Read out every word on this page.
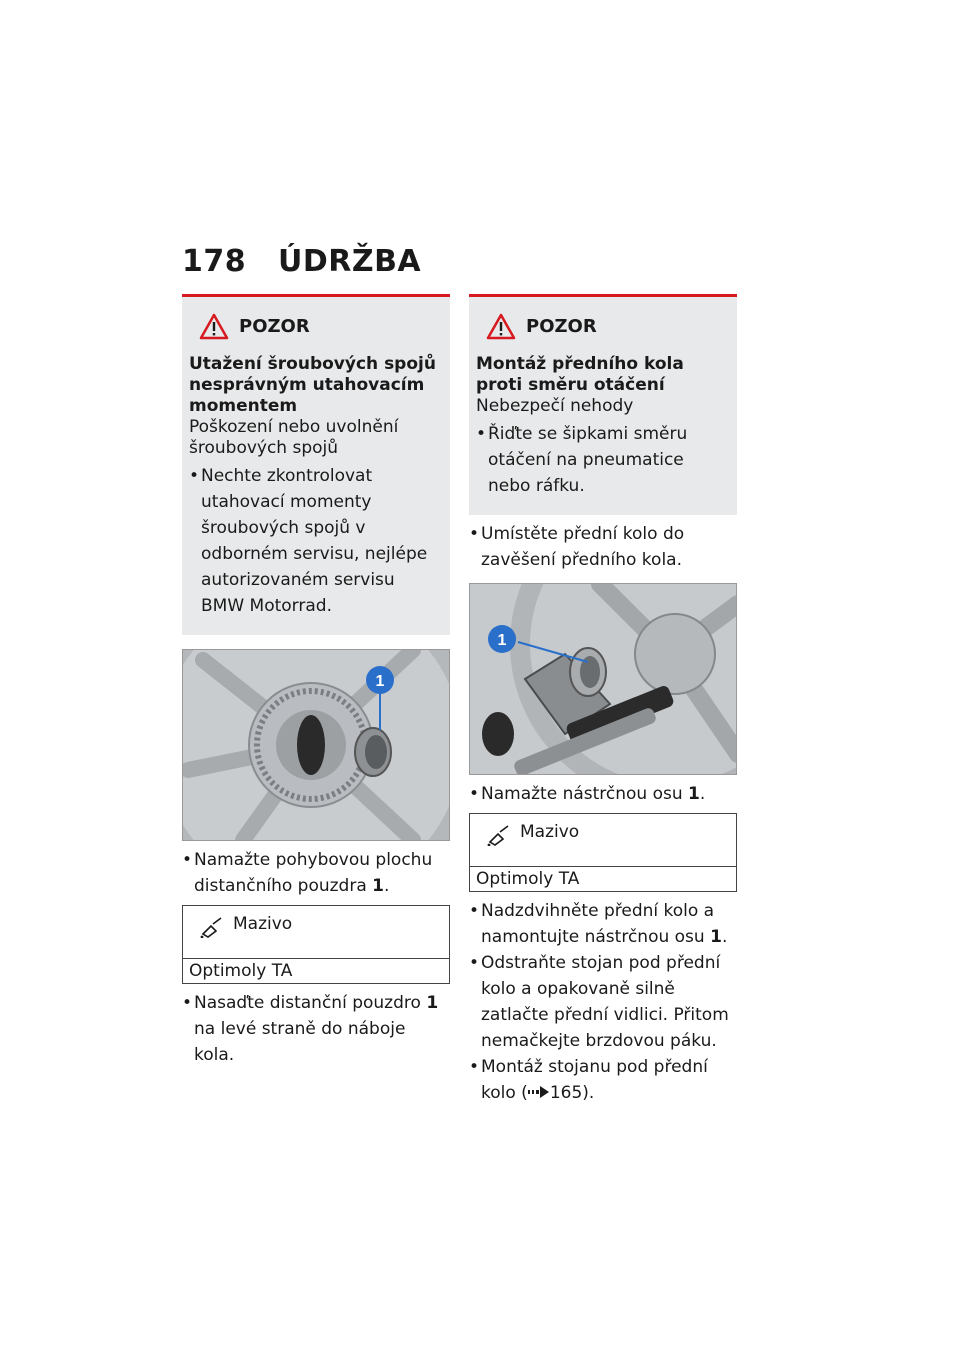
178 ÚDRŽBA
POZOR
Utažení šroubových spojů nesprávným utahovacím momentem
Poškození nebo uvolnění šroubových spojů
• Nechte zkontrolovat utahovací momenty šroubových spojů v odborném servisu, nejlépe autorizovaném servisu BMW Motorrad.
1
• Namažte pohybovou plochu distančního pouzdra 1.
Mazivo
Optimoly TA
• Nasaďte distanční pouzdro 1 na levé straně do náboje kola.
POZOR
Montáž předního kola proti směru otáčení
Nebezpečí nehody
• Řiďte se šipkami směru otáčení na pneumatice nebo ráfku.
• Umístěte přední kolo do zavěšení předního kola.
1
• Namažte nástrčnou osu 1.
Mazivo
Optimoly TA
• Nadzdvihněte přední kolo a namontujte nástrčnou osu 1.
• Odstraňte stojan pod přední kolo a opakovaně silně zatlačte přední vidlici. Přitom nemačkejte brzdovou páku.
• Montáž stojanu pod přední kolo ( 165).
